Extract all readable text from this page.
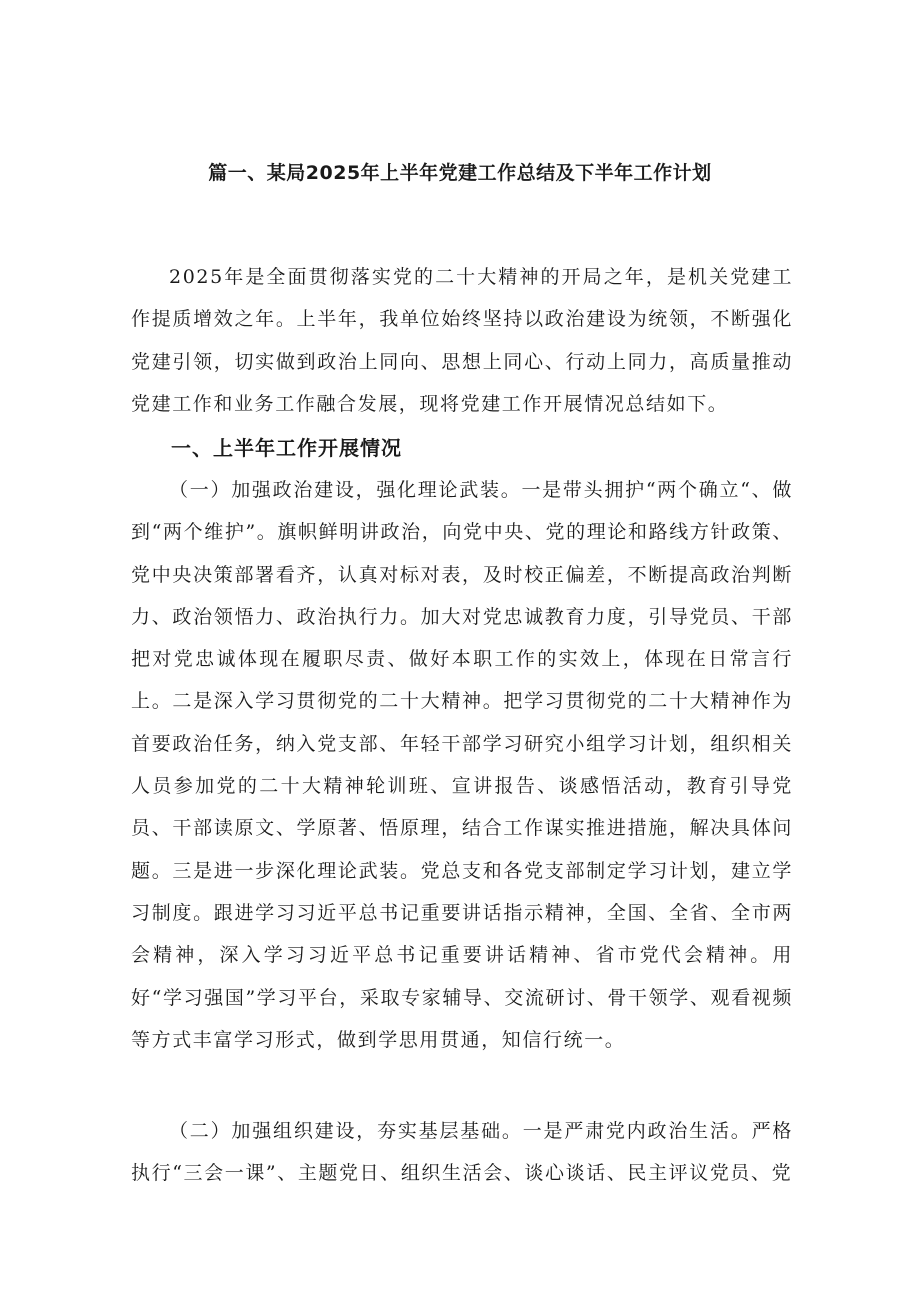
篇一、某局2025年上半年党建工作总结及下半年工作计划

2025年是全面贯彻落实党的二十大精神的开局之年，是机关党建工作提质增效之年。上半年，我单位始终坚持以政治建设为统领，不断强化党建引领，切实做到政治上同向、思想上同心、行动上同力，高质量推动党建工作和业务工作融合发展，现将党建工作开展情况总结如下。

一、上半年工作开展情况

（一）加强政治建设，强化理论武装。一是带头拥护“两个确立“、做到“两个维护”。旗帜鲜明讲政治，向党中央、党的理论和路线方针政策、党中央决策部署看齐，认真对标对表，及时校正偏差，不断提高政治判断力、政治领悟力、政治执行力。加大对党忠诚教育力度，引导党员、干部把对党忠诚体现在履职尽责、做好本职工作的实效上，体现在日常言行上。二是深入学习贯彻党的二十大精神。把学习贯彻党的二十大精神作为首要政治任务，纳入党支部、年轻干部学习研究小组学习计划，组织相关人员参加党的二十大精神轮训班、宣讲报告、谈感悟活动，教育引导党员、干部读原文、学原著、悟原理，结合工作谋实推进措施，解决具体问题。三是进一步深化理论武装。党总支和各党支部制定学习计划，建立学习制度。跟进学习习近平总书记重要讲话指示精神，全国、全省、全市两会精神，深入学习习近平总书记重要讲话精神、省市党代会精神。用好“学习强国”学习平台，采取专家辅导、交流研讨、骨干领学、观看视频等方式丰富学习形式，做到学思用贯通，知信行统一。

（二）加强组织建设，夯实基层基础。一是严肃党内政治生活。严格执行“三会一课”、主题党日、组织生活会、谈心谈话、民主评议党员、党
